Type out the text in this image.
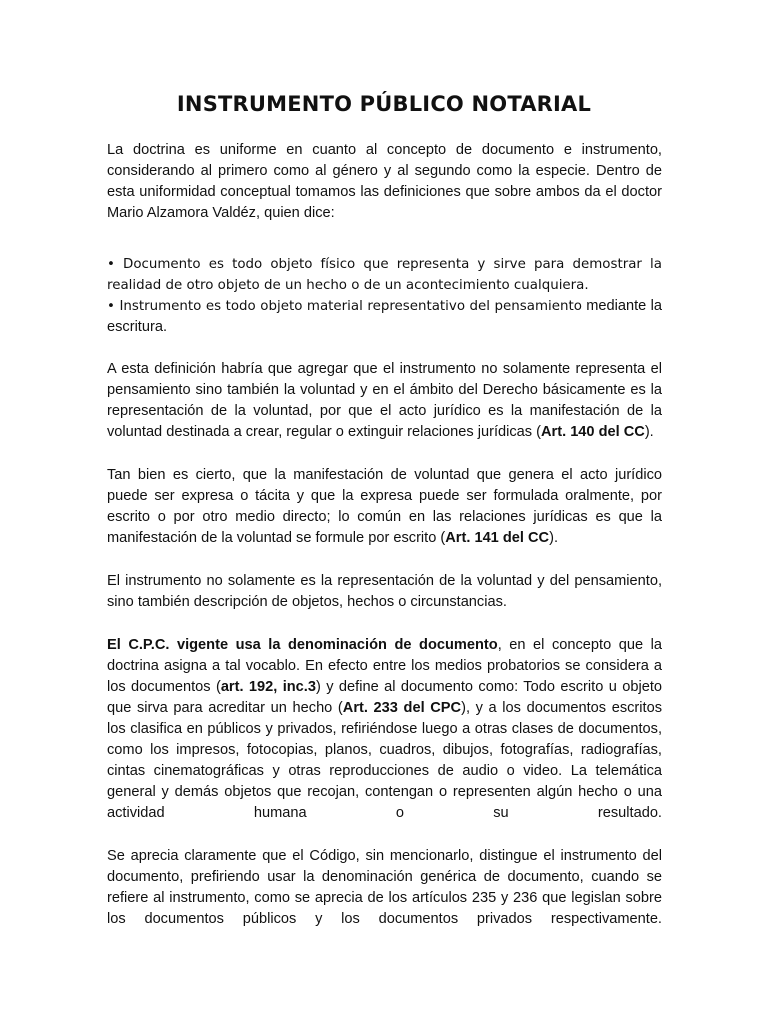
INSTRUMENTO PÚBLICO NOTARIAL

La doctrina es uniforme en cuanto al concepto de documento e instrumento, considerando al primero como al género y al segundo como la especie. Dentro de esta uniformidad conceptual tomamos las definiciones que sobre ambos da el doctor Mario Alzamora Valdéz, quien dice:

• Documento es todo objeto físico que representa y sirve para demostrar la realidad de otro objeto de un hecho o de un acontecimiento cualquiera.

• Instrumento es todo objeto material representativo del pensamiento mediante la escritura.

A esta definición habría que agregar que el instrumento no solamente representa el pensamiento sino también la voluntad y en el ámbito del Derecho básicamente es la representación de la voluntad, por que el acto jurídico es la manifestación de la voluntad destinada a crear, regular o extinguir relaciones jurídicas (Art. 140 del CC).

Tan bien es cierto, que la manifestación de voluntad que genera el acto jurídico puede ser expresa o tácita y que la expresa puede ser formulada oralmente, por escrito o por otro medio directo; lo común en las relaciones jurídicas es que la manifestación de la voluntad se formule por escrito (Art. 141 del CC).

El instrumento no solamente es la representación de la voluntad y del pensamiento, sino también descripción de objetos, hechos o circunstancias.

El C.P.C. vigente usa la denominación de documento, en el concepto que la doctrina asigna a tal vocablo. En efecto entre los medios probatorios se considera a los documentos (art. 192, inc.3) y define al documento como: Todo escrito u objeto que sirva para acreditar un hecho (Art. 233 del CPC), y a los documentos escritos los clasifica en públicos y privados, refiriéndose luego a otras clases de documentos, como los impresos, fotocopias, planos, cuadros, dibujos, fotografías, radiografías, cintas cinematográficas y otras reproducciones de audio o video. La telemática general y demás objetos que recojan, contengan o representen algún hecho o una actividad humana o su resultado.

Se aprecia claramente que el Código, sin mencionarlo, distingue el instrumento del documento, prefiriendo usar la denominación genérica de documento, cuando se refiere al instrumento, como se aprecia de los artículos 235 y 236 que legislan sobre los documentos públicos y los documentos privados respectivamente.
